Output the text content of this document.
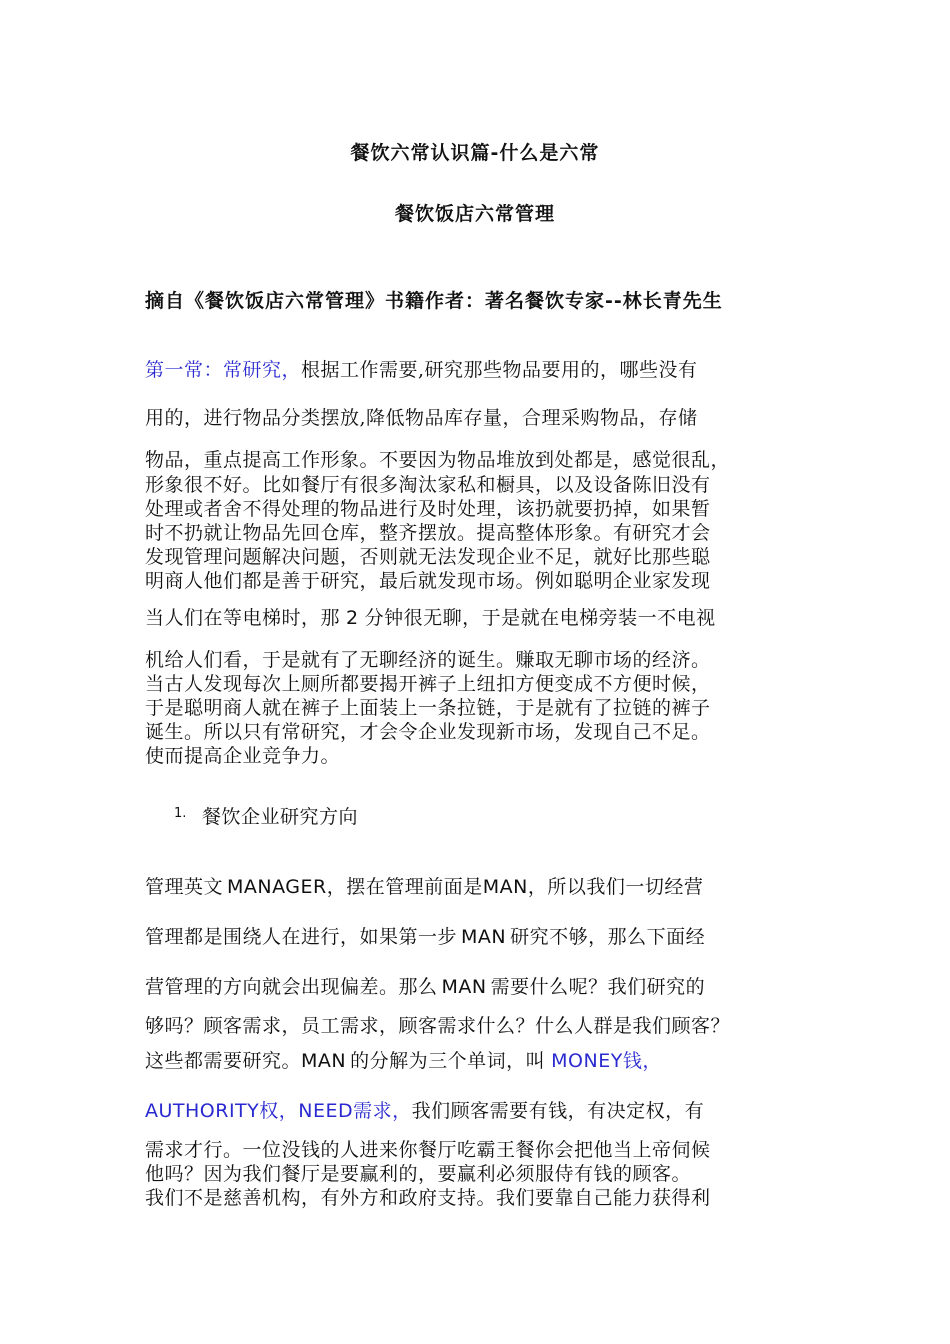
餐饮六常认识篇-什么是六常
餐饮饭店六常管理
摘自《餐饮饭店六常管理》书籍作者：著名餐饮专家--林长青先生
第一常：常研究，根据工作需要,研究那些物品要用的，哪些没有
用的，进行物品分类摆放,降低物品库存量，合理采购物品，存储
物品，重点提高工作形象。不要因为物品堆放到处都是，感觉很乱，
形象很不好。比如餐厅有很多淘汰家私和橱具，以及设备陈旧没有
处理或者舍不得处理的物品进行及时处理，该扔就要扔掉，如果暂
时不扔就让物品先回仓库，整齐摆放。提高整体形象。有研究才会
发现管理问题解决问题，否则就无法发现企业不足，就好比那些聪
明商人他们都是善于研究，最后就发现市场。例如聪明企业家发现
当人们在等电梯时，那 2 分钟很无聊，于是就在电梯旁装一不电视
机给人们看，于是就有了无聊经济的诞生。赚取无聊市场的经济。
当古人发现每次上厕所都要揭开裤子上纽扣方便变成不方便时候，
于是聪明商人就在裤子上面装上一条拉链，于是就有了拉链的裤子
诞生。所以只有常研究，才会令企业发现新市场，发现自己不足。
使而提高企业竞争力。
1. 餐饮企业研究方向
管理英文 MANAGER，摆在管理前面是MAN，所以我们一切经营
管理都是围绕人在进行，如果第一步 MAN 研究不够，那么下面经
营管理的方向就会出现偏差。那么 MAN 需要什么呢？我们研究的
够吗？顾客需求，员工需求，顾客需求什么？什么人群是我们顾客？
这些都需要研究。MAN 的分解为三个单词，叫 MONEY钱，
AUTHORITY权，NEED需求，我们顾客需要有钱，有决定权，有
需求才行。一位没钱的人进来你餐厅吃霸王餐你会把他当上帝伺候
他吗？因为我们餐厅是要赢利的，要赢利必须服侍有钱的顾客。
我们不是慈善机构，有外方和政府支持。我们要靠自己能力获得利
